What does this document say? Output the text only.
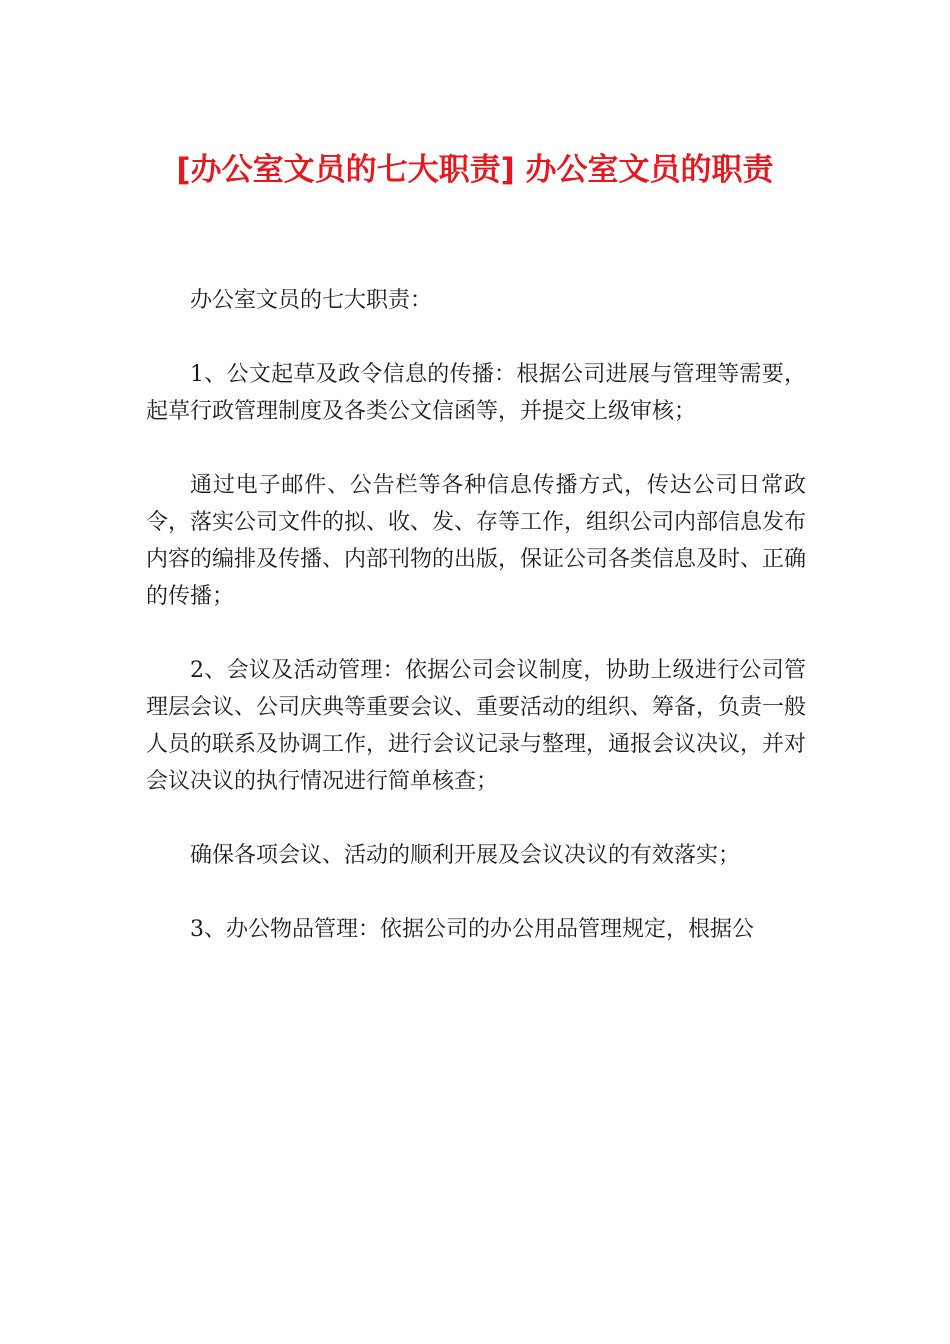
[办公室文员的七大职责] 办公室文员的职责

办公室文员的七大职责：

1、公文起草及政令信息的传播：根据公司进展与管理等需要，起草行政管理制度及各类公文信函等，并提交上级审核；

通过电子邮件、公告栏等各种信息传播方式，传达公司日常政令，落实公司文件的拟、收、发、存等工作，组织公司内部信息发布内容的编排及传播、内部刊物的出版，保证公司各类信息及时、正确的传播；

2、会议及活动管理：依据公司会议制度，协助上级进行公司管理层会议、公司庆典等重要会议、重要活动的组织、筹备，负责一般人员的联系及协调工作，进行会议记录与整理，通报会议决议，并对会议决议的执行情况进行简单核查；

确保各项会议、活动的顺利开展及会议决议的有效落实；

3、办公物品管理：依据公司的办公用品管理规定，根据公
